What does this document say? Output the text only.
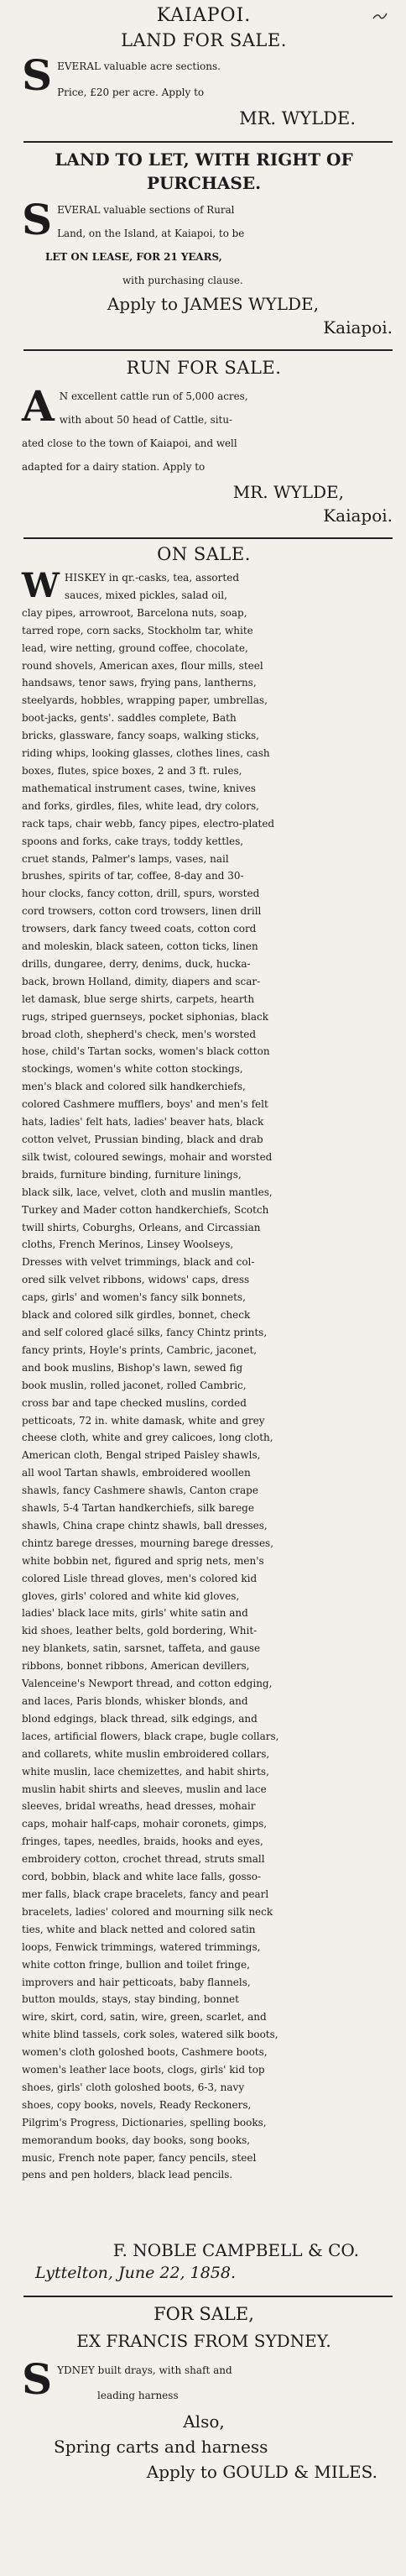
KAIAPOI.
LAND FOR SALE.
S EVERAL valuable acre sections.
Price, £20 per acre. Apply to
MR. WYLDE.
LAND TO LET, WITH RIGHT OF
PURCHASE.
S EVERAL valuable sections of Rural
Land, on the Island, at Kaiapoi, to be
LET ON LEASE, FOR 21 YEARS,
with purchasing clause.
Apply to JAMES WYLDE,
Kaiapoi.
RUN FOR SALE.
A N excellent cattle run of 5,000 acres,
with about 50 head of Cattle, situ-
ated close to the town of Kaiapoi, and well
adapted for a dairy station. Apply to
MR. WYLDE,
Kaiapoi.
ON SALE.
W HISKEY in qr.-casks, tea, assorted
sauces, mixed pickles, salad oil,
clay pipes, arrowroot, Barcelona nuts, soap,
tarred rope, corn sacks, Stockholm tar, white
lead, wire netting, ground coffee, chocolate,
round shovels, American axes, flour mills, steel
handsaws, tenor saws, frying pans, lantherns,
steelyards, hobbles, wrapping paper, umbrellas,
boot-jacks, gents'. saddles complete, Bath
bricks, glassware, fancy soaps, walking sticks,
riding whips, looking glasses, clothes lines, cash
boxes, flutes, spice boxes, 2 and 3 ft. rules,
mathematical instrument cases, twine, knives
and forks, girdles, files, white lead, dry colors,
rack taps, chair webb, fancy pipes, electro-plated
spoons and forks, cake trays, toddy kettles,
cruet stands, Palmer's lamps, vases, nail
brushes, spirits of tar, coffee, 8-day and 30-
hour clocks, fancy cotton, drill, spurs, worsted
cord trowsers, cotton cord trowsers, linen drill
trowsers, dark fancy tweed coats, cotton cord
and moleskin, black sateen, cotton ticks, linen
drills, dungaree, derry, denims, duck, hucka-
back, brown Holland, dimity, diapers and scar-
let damask, blue serge shirts, carpets, hearth
rugs, striped guernseys, pocket siphonias, black
broad cloth, shepherd's check, men's worsted
hose, child's Tartan socks, women's black cotton
stockings, women's white cotton stockings,
men's black and colored silk handkerchiefs,
colored Cashmere mufflers, boys' and men's felt
hats, ladies' felt hats, ladies' beaver hats, black
cotton velvet, Prussian binding, black and drab
silk twist, coloured sewings, mohair and worsted
braids, furniture binding, furniture linings,
black silk, lace, velvet, cloth and muslin mantles,
Turkey and Mader cotton handkerchiefs, Scotch
twill shirts, Coburghs, Orleans, and Circassian
cloths, French Merinos, Linsey Woolseys,
Dresses with velvet trimmings, black and col-
ored silk velvet ribbons, widows' caps, dress
caps, girls' and women's fancy silk bonnets,
black and colored silk girdles, bonnet, check
and self colored glacé silks, fancy Chintz prints,
fancy prints, Hoyle's prints, Cambric, jaconet,
and book muslins, Bishop's lawn, sewed fig
book muslin, rolled jaconet, rolled Cambric,
cross bar and tape checked muslins, corded
petticoats, 72 in. white damask, white and grey
cheese cloth, white and grey calicoes, long cloth,
American cloth, Bengal striped Paisley shawls,
all wool Tartan shawls, embroidered woollen
shawls, fancy Cashmere shawls, Canton crape
shawls, 5-4 Tartan handkerchiefs, silk barege
shawls, China crape chintz shawls, ball dresses,
chintz barege dresses, mourning barege dresses,
white bobbin net, figured and sprig nets, men's
colored Lisle thread gloves, men's colored kid
gloves, girls' colored and white kid gloves,
ladies' black lace mits, girls' white satin and
kid shoes, leather belts, gold bordering, Whit-
ney blankets, satin, sarsnet, taffeta, and gause
ribbons, bonnet ribbons, American devillers,
Valenceine's Newport thread, and cotton edging,
and laces, Paris blonds, whisker blonds, and
blond edgings, black thread, silk edgings, and
laces, artificial flowers, black crape, bugle collars,
and collarets, white muslin embroidered collars,
white muslin, lace chemizettes, and habit shirts,
muslin habit shirts and sleeves, muslin and lace
sleeves, bridal wreaths, head dresses, mohair
caps, mohair half-caps, mohair coronets, gimps,
fringes, tapes, needles, braids, hooks and eyes,
embroidery cotton, crochet thread, struts small
cord, bobbin, black and white lace falls, gosso-
mer falls, black crape bracelets, fancy and pearl
bracelets, ladies' colored and mourning silk neck
ties, white and black netted and colored satin
loops, Fenwick trimmings, watered trimmings,
white cotton fringe, bullion and toilet fringe,
improvers and hair petticoats, baby flannels,
button moulds, stays, stay binding, bonnet
wire, skirt, cord, satin, wire, green, scarlet, and
white blind tassels, cork soles, watered silk boots,
women's cloth goloshed boots, Cashmere boots,
women's leather lace boots, clogs, girls' kid top
shoes, girls' cloth goloshed boots, 6-3, navy
shoes, copy books, novels, Ready Reckoners,
Pilgrim's Progress, Dictionaries, spelling books,
memorandum books, day books, song books,
music, French note paper, fancy pencils, steel
pens and pen holders, black lead pencils.
F. NOBLE CAMPBELL & CO.
Lyttelton, June 22, 1858.
FOR SALE,
EX FRANCIS FROM SYDNEY.
S YDNEY built drays, with shaft and
leading harness
Also,
Spring carts and harness
Apply to GOULD & MILES.
